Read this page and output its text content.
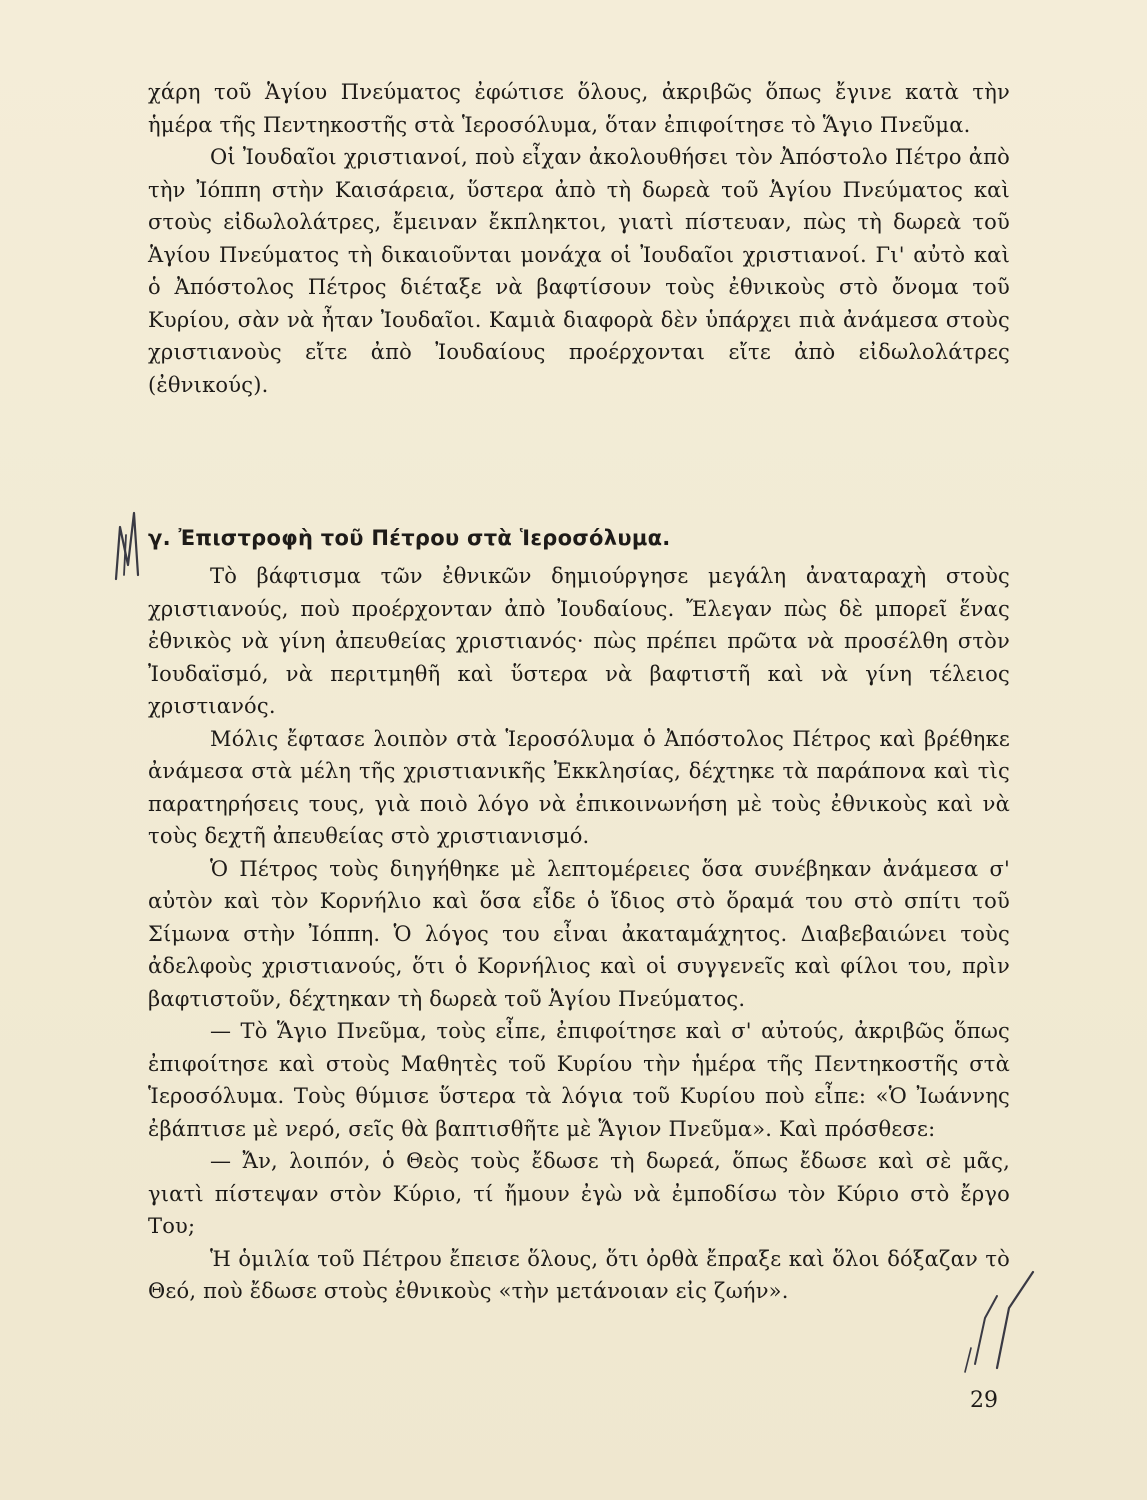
χάρη τοῦ Ἁγίου Πνεύματος ἐφώτισε ὅλους, ἀκριβῶς ὅπως ἔγινε κατὰ τὴν ἡμέρα τῆς Πεντηκοστῆς στὰ Ἱεροσόλυμα, ὅταν ἐπιφοίτησε τὸ Ἅγιο Πνεῦμα.

Οἱ Ἰουδαῖοι χριστιανοί, ποὺ εἶχαν ἀκολουθήσει τὸν Ἀπόστολο Πέτρο ἀπὸ τὴν Ἰόππη στὴν Καισάρεια, ὕστερα ἀπὸ τὴ δωρεὰ τοῦ Ἁγίου Πνεύματος καὶ στοὺς εἰδωλολάτρες, ἔμειναν ἔκπληκτοι, γιατὶ πίστευαν, πὼς τὴ δωρεὰ τοῦ Ἁγίου Πνεύματος τὴ δικαιοῦνται μονάχα οἱ Ἰουδαῖοι χριστιανοί. Γι' αὐτὸ καὶ ὁ Ἀπόστολος Πέτρος διέταξε νὰ βαφτίσουν τοὺς ἐθνικοὺς στὸ ὄνομα τοῦ Κυρίου, σὰν νὰ ἦταν Ἰουδαῖοι. Καμιὰ διαφορὰ δὲν ὑπάρχει πιὰ ἀνάμεσα στοὺς χριστιανοὺς εἴτε ἀπὸ Ἰουδαίους προέρχονται εἴτε ἀπὸ εἰδωλολάτρες (ἐθνικούς).

γ. Ἐπιστροφὴ τοῦ Πέτρου στὰ Ἱεροσόλυμα.

Τὸ βάφτισμα τῶν ἐθνικῶν δημιούργησε μεγάλη ἀναταραχὴ στοὺς χριστιανούς, ποὺ προέρχονταν ἀπὸ Ἰουδαίους. Ἔλεγαν πὼς δὲ μπορεῖ ἕνας ἐθνικὸς νὰ γίνη ἀπευθείας χριστιανός· πὼς πρέπει πρῶτα νὰ προσέλθη στὸν Ἰουδαϊσμό, νὰ περιτμηθῆ καὶ ὕστερα νὰ βαφτιστῆ καὶ νὰ γίνη τέλειος χριστιανός.

Μόλις ἔφτασε λοιπὸν στὰ Ἱεροσόλυμα ὁ Ἀπόστολος Πέτρος καὶ βρέθηκε ἀνάμεσα στὰ μέλη τῆς χριστιανικῆς Ἐκκλησίας, δέχτηκε τὰ παράπονα καὶ τὶς παρατηρήσεις τους, γιὰ ποιὸ λόγο νὰ ἐπικοινωνήση μὲ τοὺς ἐθνικοὺς καὶ νὰ τοὺς δεχτῆ ἀπευθείας στὸ χριστιανισμό.

Ὁ Πέτρος τοὺς διηγήθηκε μὲ λεπτομέρειες ὅσα συνέβηκαν ἀνάμεσα σ' αὐτὸν καὶ τὸν Κορνήλιο καὶ ὅσα εἶδε ὁ ἴδιος στὸ ὅραμά του στὸ σπίτι τοῦ Σίμωνα στὴν Ἰόππη. Ὁ λόγος του εἶναι ἀκαταμάχητος. Διαβεβαιώνει τοὺς ἀδελφοὺς χριστιανούς, ὅτι ὁ Κορνήλιος καὶ οἱ συγγενεῖς καὶ φίλοι του, πρὶν βαφτιστοῦν, δέχτηκαν τὴ δωρεὰ τοῦ Ἁγίου Πνεύματος.

— Τὸ Ἅγιο Πνεῦμα, τοὺς εἶπε, ἐπιφοίτησε καὶ σ' αὐτούς, ἀκριβῶς ὅπως ἐπιφοίτησε καὶ στοὺς Μαθητὲς τοῦ Κυρίου τὴν ἡμέρα τῆς Πεντηκοστῆς στὰ Ἱεροσόλυμα. Τοὺς θύμισε ὕστερα τὰ λόγια τοῦ Κυρίου ποὺ εἶπε: «Ὁ Ἰωάννης ἐβάπτισε μὲ νερό, σεῖς θὰ βαπτισθῆτε μὲ Ἅγιον Πνεῦμα». Καὶ πρόσθεσε:

— Ἄν, λοιπόν, ὁ Θεὸς τοὺς ἔδωσε τὴ δωρεά, ὅπως ἔδωσε καὶ σὲ μᾶς, γιατὶ πίστεψαν στὸν Κύριο, τί ἤμουν ἐγὼ νὰ ἐμποδίσω τὸν Κύριο στὸ ἔργο Του;

Ἡ ὁμιλία τοῦ Πέτρου ἔπεισε ὅλους, ὅτι ὀρθὰ ἔπραξε καὶ ὅλοι δόξαζαν τὸ Θεό, ποὺ ἔδωσε στοὺς ἐθνικοὺς «τὴν μετάνοιαν εἰς ζωήν».

29
